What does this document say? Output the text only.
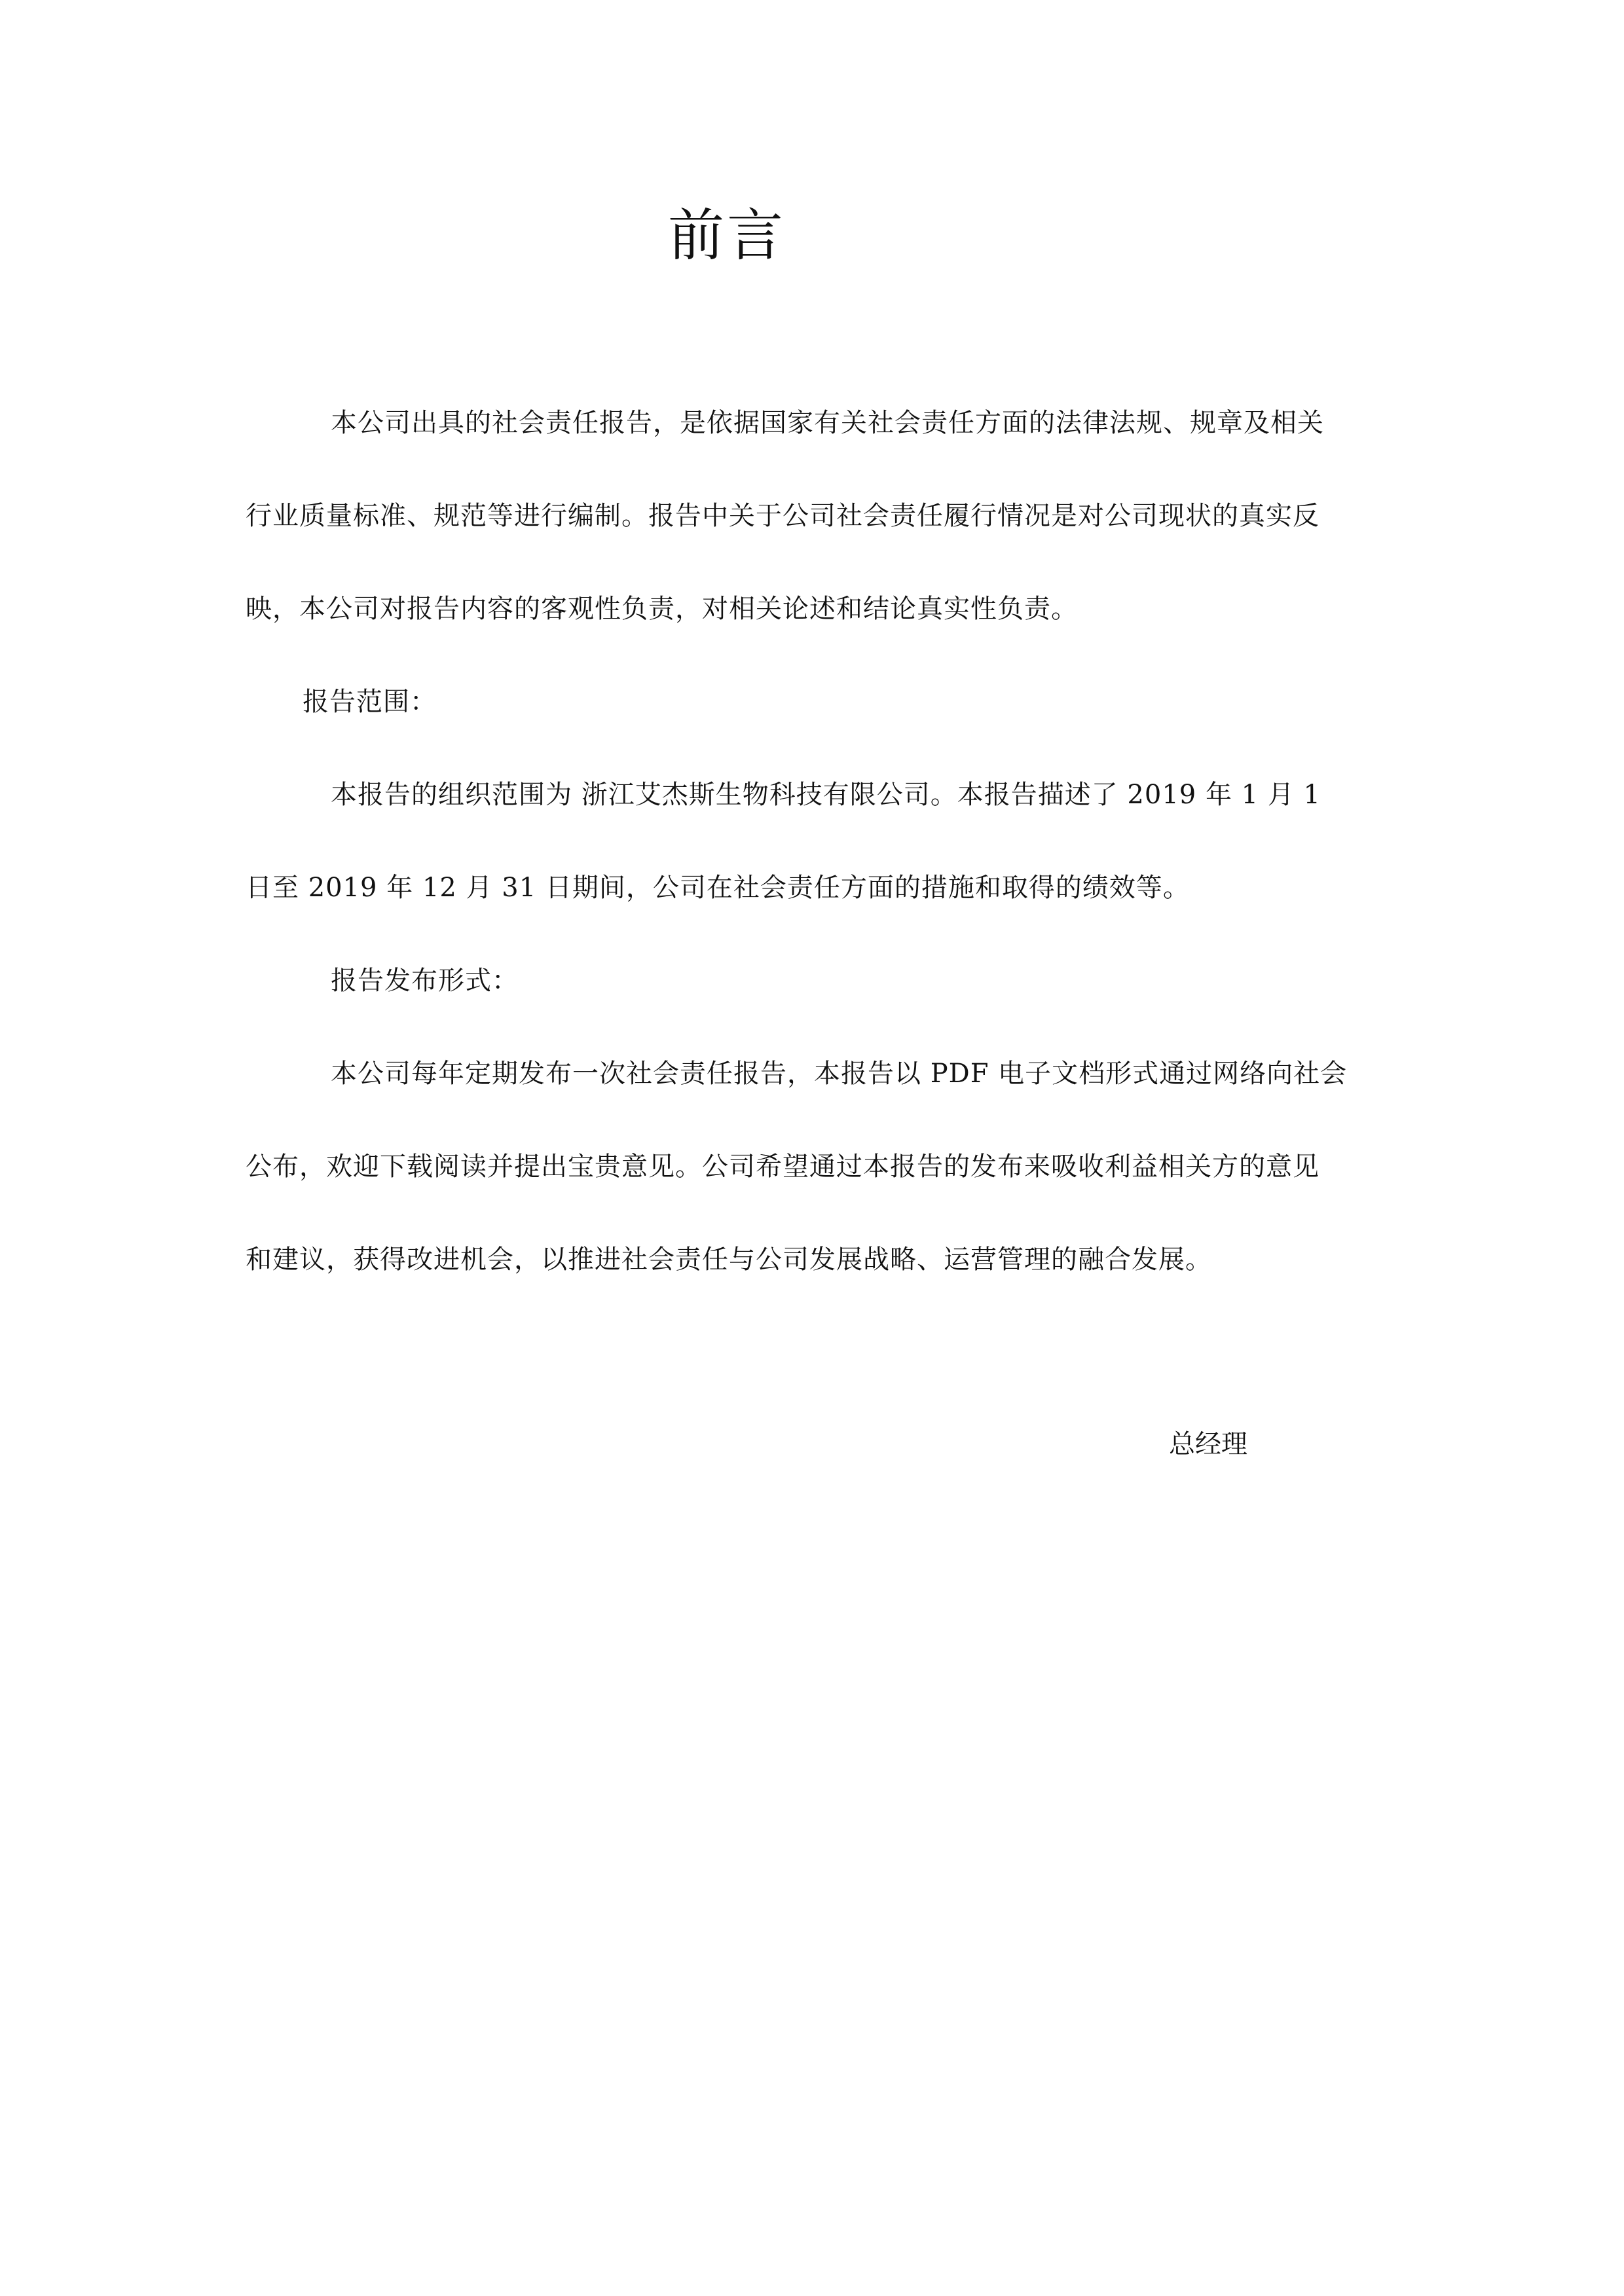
前言
本公司出具的社会责任报告，是依据国家有关社会责任方面的法律法规、规章及相关
行业质量标准、规范等进行编制。报告中关于公司社会责任履行情况是对公司现状的真实反
映，本公司对报告内容的客观性负责，对相关论述和结论真实性负责。
报告范围：
本报告的组织范围为 浙江艾杰斯生物科技有限公司。本报告描述了 2019 年 1 月 1
日至 2019 年 12 月 31 日期间，公司在社会责任方面的措施和取得的绩效等。
报告发布形式：
本公司每年定期发布一次社会责任报告，本报告以 PDF 电子文档形式通过网络向社会
公布，欢迎下载阅读并提出宝贵意见。公司希望通过本报告的发布来吸收利益相关方的意见
和建议，获得改进机会，以推进社会责任与公司发展战略、运营管理的融合发展。
总经理
